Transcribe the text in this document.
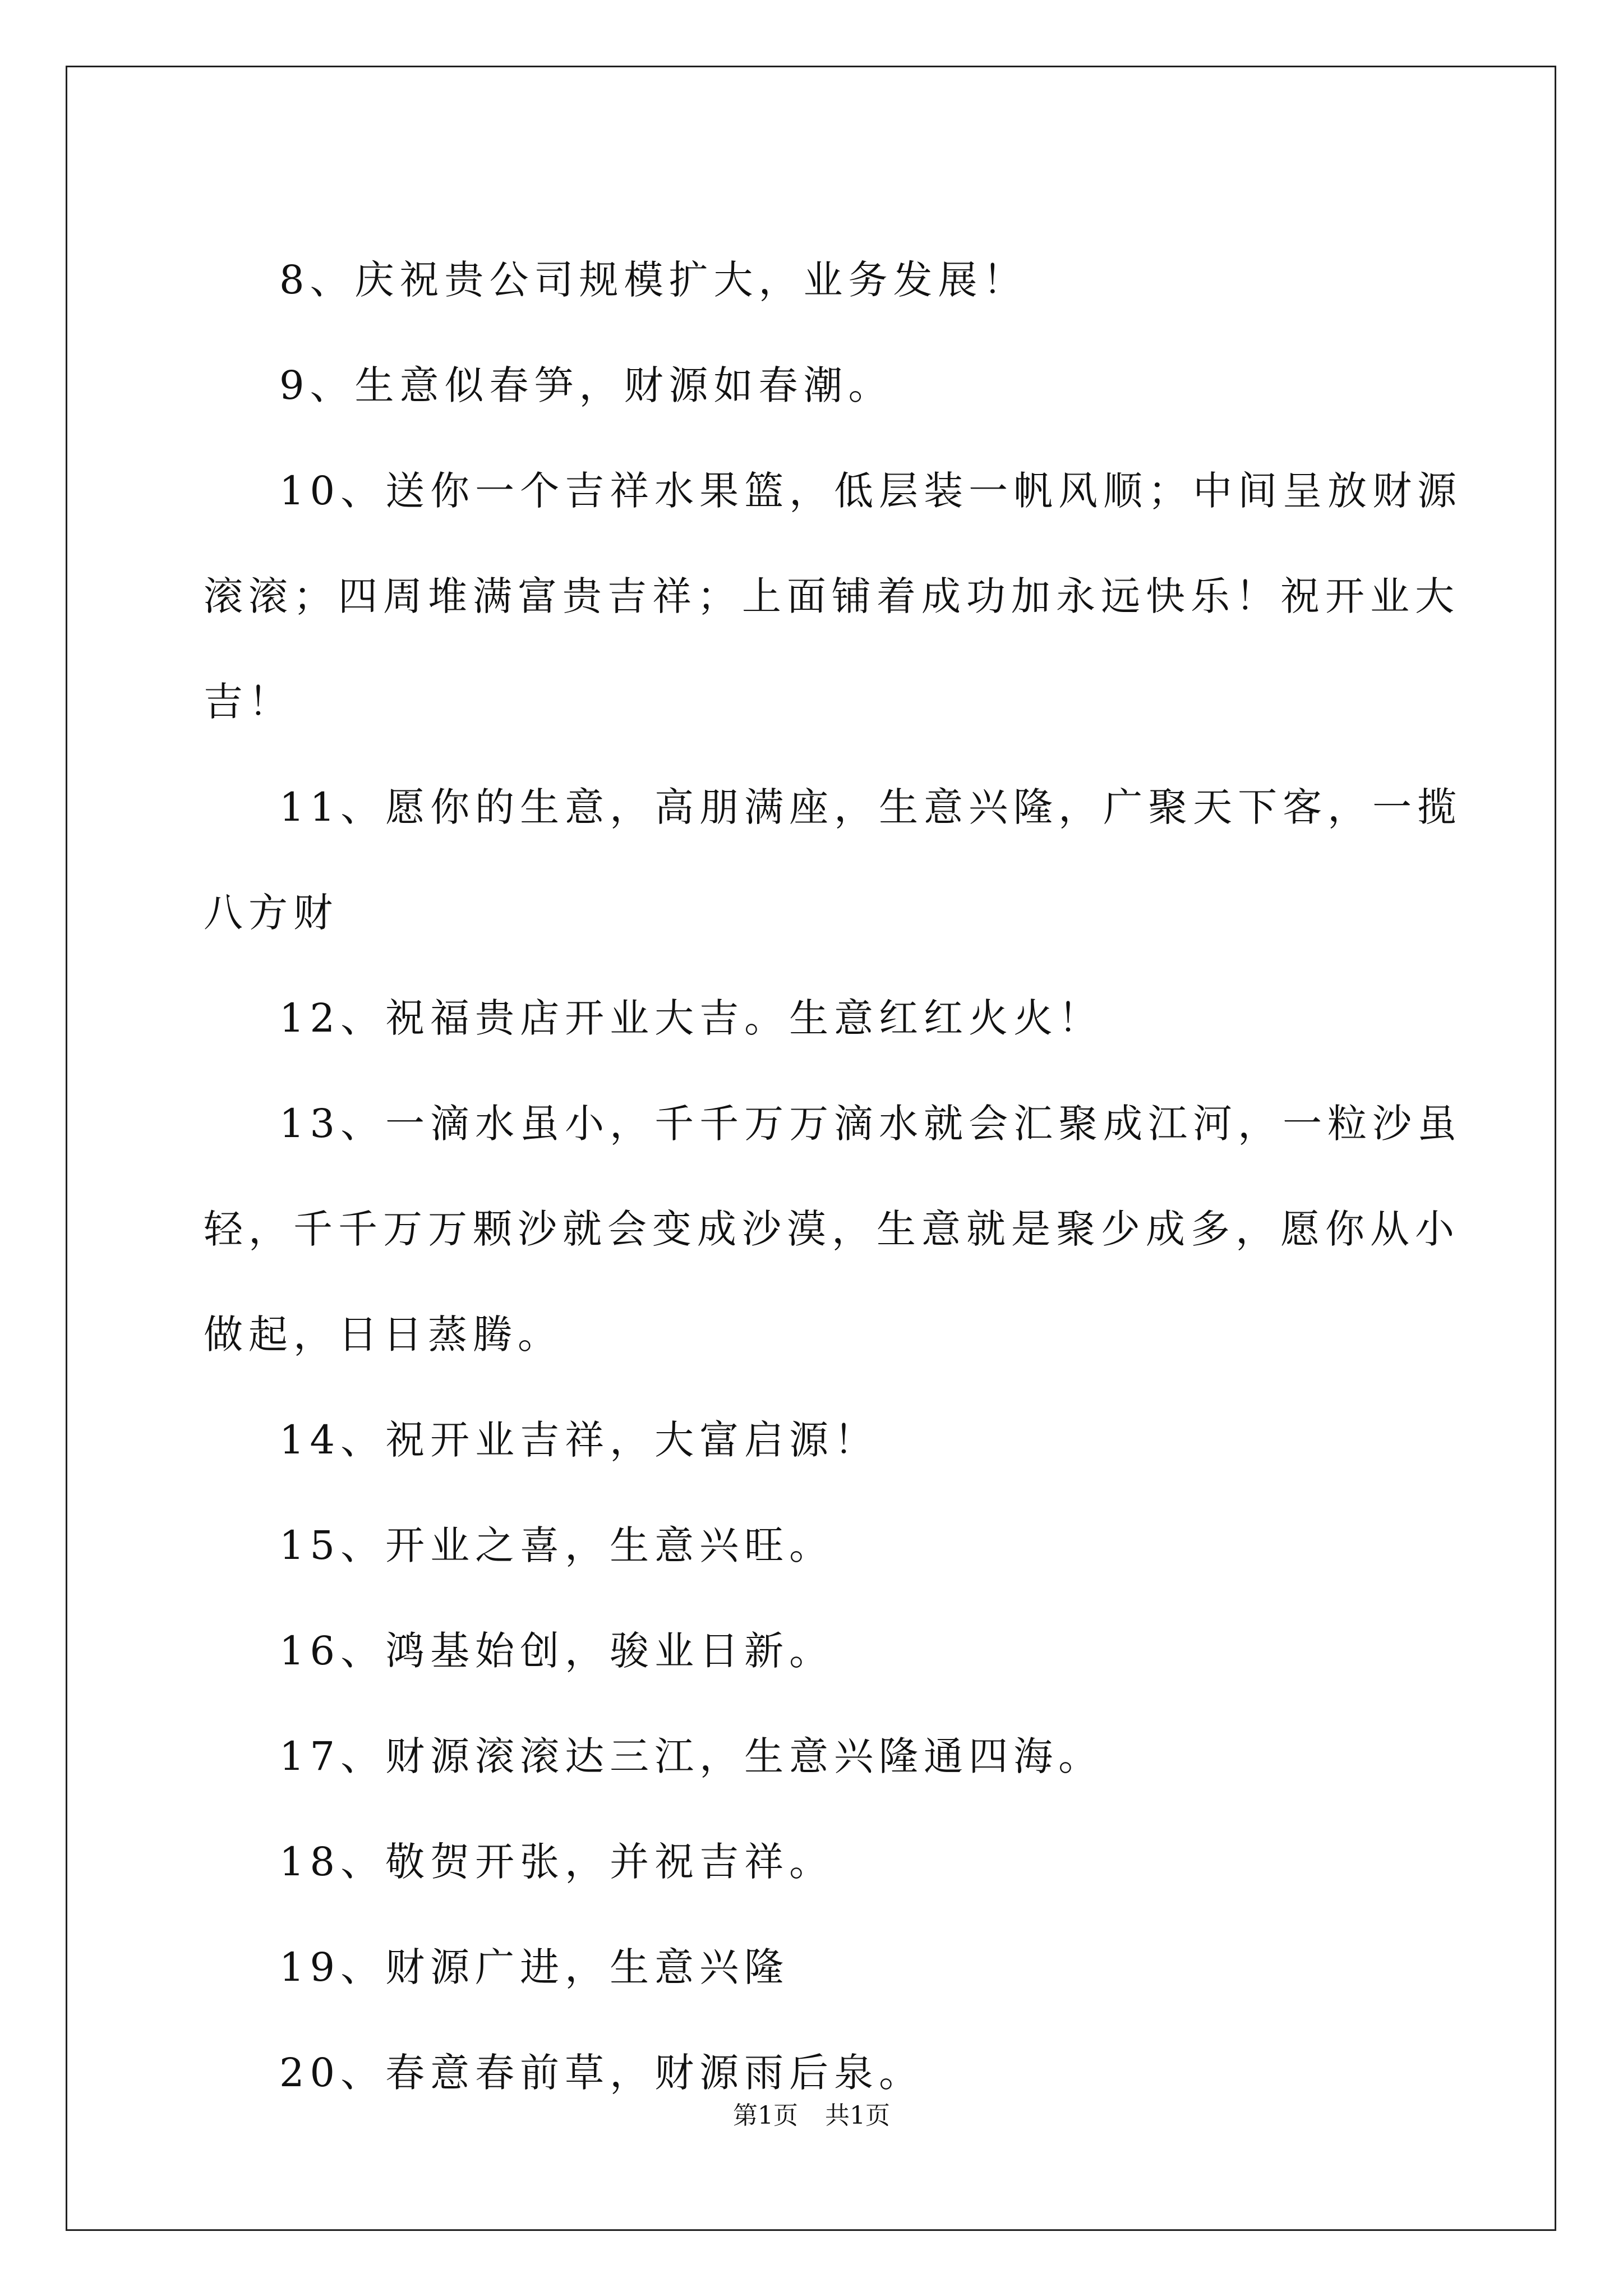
8、庆祝贵公司规模扩大，业务发展！

9、生意似春笋，财源如春潮。

10、送你一个吉祥水果篮，低层装一帆风顺；中间呈放财源滚滚；四周堆满富贵吉祥；上面铺着成功加永远快乐！祝开业大吉！

11、愿你的生意，高朋满座，生意兴隆，广聚天下客，一揽八方财

12、祝福贵店开业大吉。生意红红火火！

13、一滴水虽小，千千万万滴水就会汇聚成江河，一粒沙虽轻，千千万万颗沙就会变成沙漠，生意就是聚少成多，愿你从小做起，日日蒸腾。

14、祝开业吉祥，大富启源！

15、开业之喜，生意兴旺。

16、鸿基始创，骏业日新。

17、财源滚滚达三江，生意兴隆通四海。

18、敬贺开张，并祝吉祥。

19、财源广进，生意兴隆

20、春意春前草，财源雨后泉。

第1页 共1页
